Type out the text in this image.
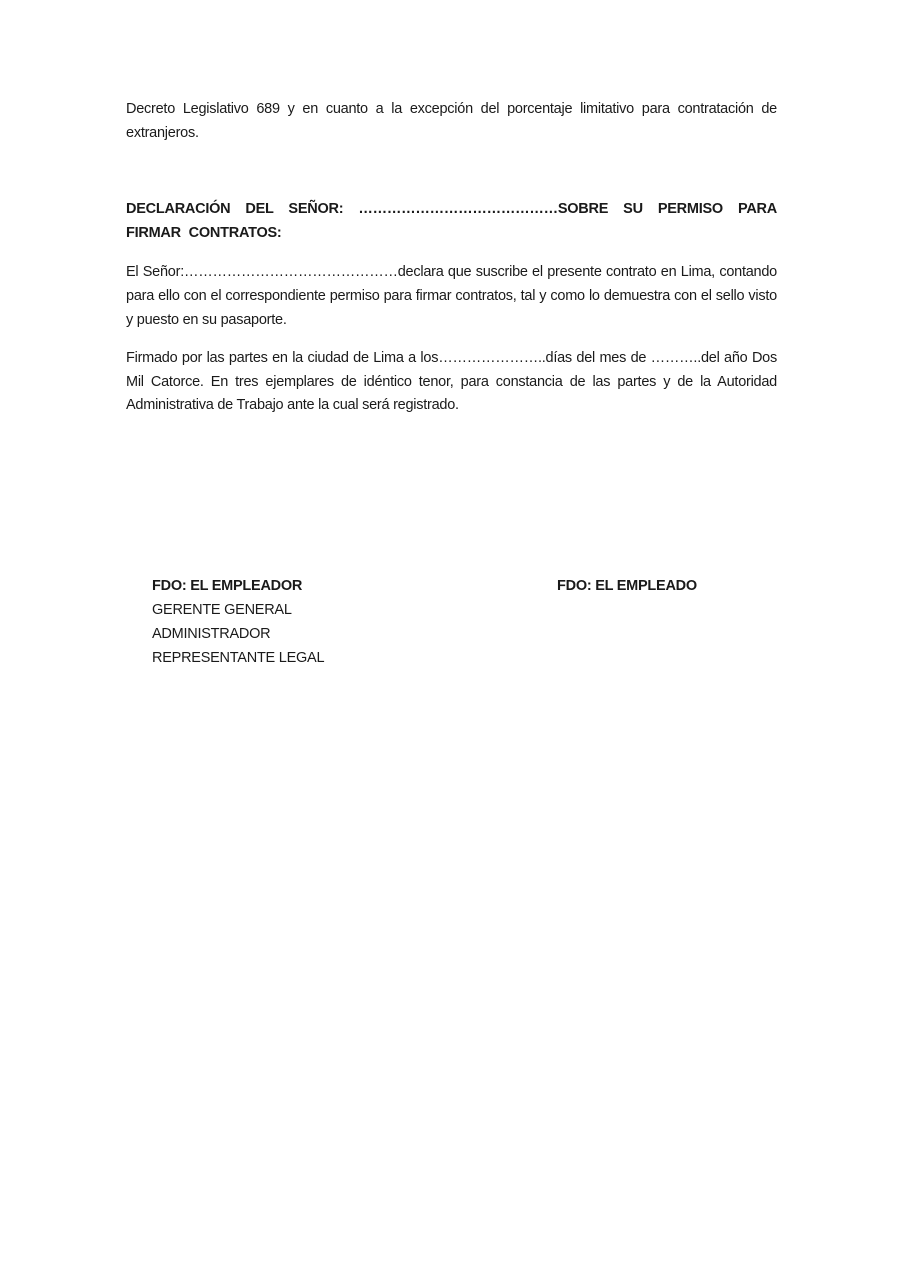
Decreto Legislativo 689 y en cuanto a la excepción del porcentaje limitativo para contratación de extranjeros.

DECLARACIÓN DEL SEÑOR: ……………………………………SOBRE SU PERMISO PARA FIRMAR CONTRATOS:

El Señor:………………………………………declara que suscribe el presente contrato en Lima, contando para ello con el correspondiente permiso para firmar contratos, tal y como lo demuestra con el sello visto y puesto en su pasaporte.

Firmado por las partes en la ciudad de Lima a los…………………..días del mes de ………..del año Dos Mil Catorce. En tres ejemplares de idéntico tenor, para constancia de las partes y de la Autoridad Administrativa de Trabajo ante la cual será registrado.

FDO: EL EMPLEADOR
GERENTE GENERAL
ADMINISTRADOR
REPRESENTANTE LEGAL
FDO: EL EMPLEADO
